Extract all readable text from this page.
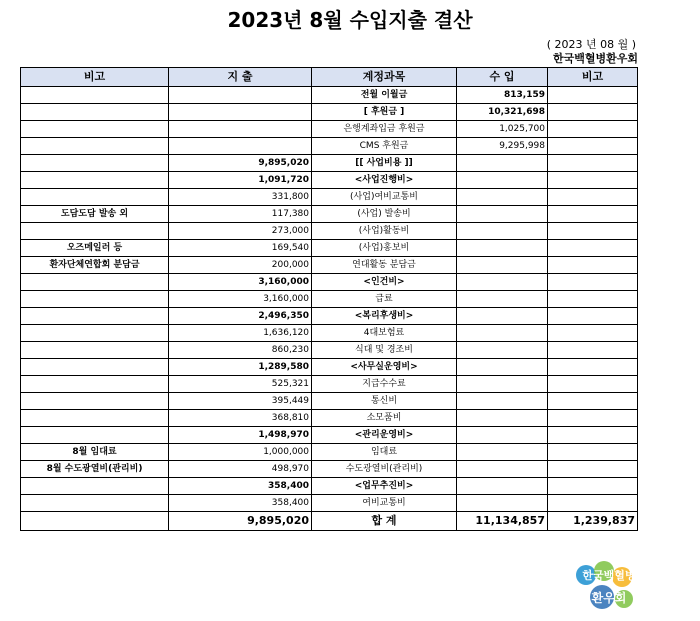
2023년 8월 수입지출 결산
( 2023 년 08 월 )
한국백혈병환우회
비고	지 출	계정과목	수 입	비고
		전월 이월금	813,159	
		[ 후원금 ]	10,321,698	
		은행계좌입금 후원금	1,025,700	
		CMS 후원금	9,295,998	
	9,895,020	[[ 사업비용 ]]		
	1,091,720	<사업진행비>		
	331,800	(사업)여비교통비		
도담도담 발송 외	117,380	(사업) 발송비		
	273,000	(사업)활동비		
오즈메일러 등	169,540	(사업)홍보비		
환자단체연합회 분담금	200,000	연대활동 분담금		
	3,160,000	<인건비>		
	3,160,000	급료		
	2,496,350	<복리후생비>		
	1,636,120	4대보험료		
	860,230	식대 및 경조비		
	1,289,580	<사무실운영비>		
	525,321	지급수수료		
	395,449	통신비		
	368,810	소모품비		
	1,498,970	<관리운영비>		
8월 임대료	1,000,000	임대료		
8월 수도광열비(관리비)	498,970	수도광열비(관리비)		
	358,400	<업무추진비>		
	358,400	여비교통비		
	9,895,020	합 계	11,134,857	1,239,837
한국백혈병
환우회
